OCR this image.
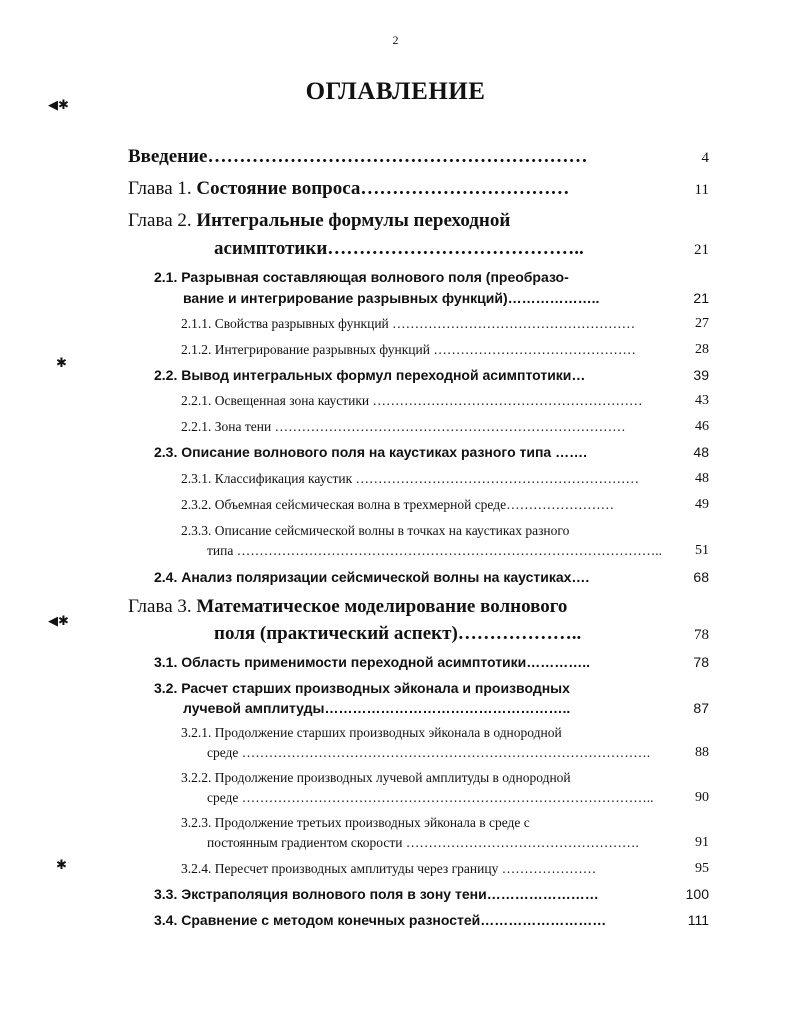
2
ОГЛАВЛЕНИЕ
◀✱
✱
◀✱
✱
Введение……………………………………………………	4
Глава 1. Состояние вопроса……………………………	11
Глава 2. Интегральные формулы переходной
асимптотики…………………………………..	21
2.1. Разрывная составляющая волнового поля (преобразо-
вание и интегрирование разрывных функций)………………..	21
2.1.1. Свойства разрывных функций ………………………………………………	27
2.1.2. Интегрирование разрывных функций ………………………………………	28
2.2. Вывод интегральных формул переходной асимптотики…	39
2.2.1. Освещенная зона каустики ……………………………………………………	43
2.2.1. Зона тени ……………………………………………………………………	46
2.3. Описание волнового поля на каустиках разного типа …….	48
2.3.1. Классификация каустик ………………………………………………………	48
2.3.2. Объемная сейсмическая волна в трехмерной среде……………………	49
2.3.3. Описание сейсмической волны в точках на каустиках разного
типа …………………………………………………………………………………..	51
2.4. Анализ поляризации сейсмической волны на каустиках….	68
Глава 3. Математическое моделирование волнового
поля (практический аспект)………………..	78
3.1. Область применимости переходной асимптотики…………..	78
3.2. Расчет старших производных эйконала и производных
лучевой амплитуды……………………………………………..	87
3.2.1. Продолжение старших производных эйконала в однородной
среде ……………………………………………………………………………….	88
3.2.2. Продолжение производных лучевой амплитуды в однородной
среде ………………………………………………………………………………..	90
3.2.3. Продолжение третьих производных эйконала в среде с
постоянным градиентом скорости …………………………………………….	91
3.2.4. Пересчет производных амплитуды через границу …………………	95
3.3. Экстраполяция волнового поля в зону тени……………………	100
3.4. Сравнение с методом конечных разностей………………………	111
